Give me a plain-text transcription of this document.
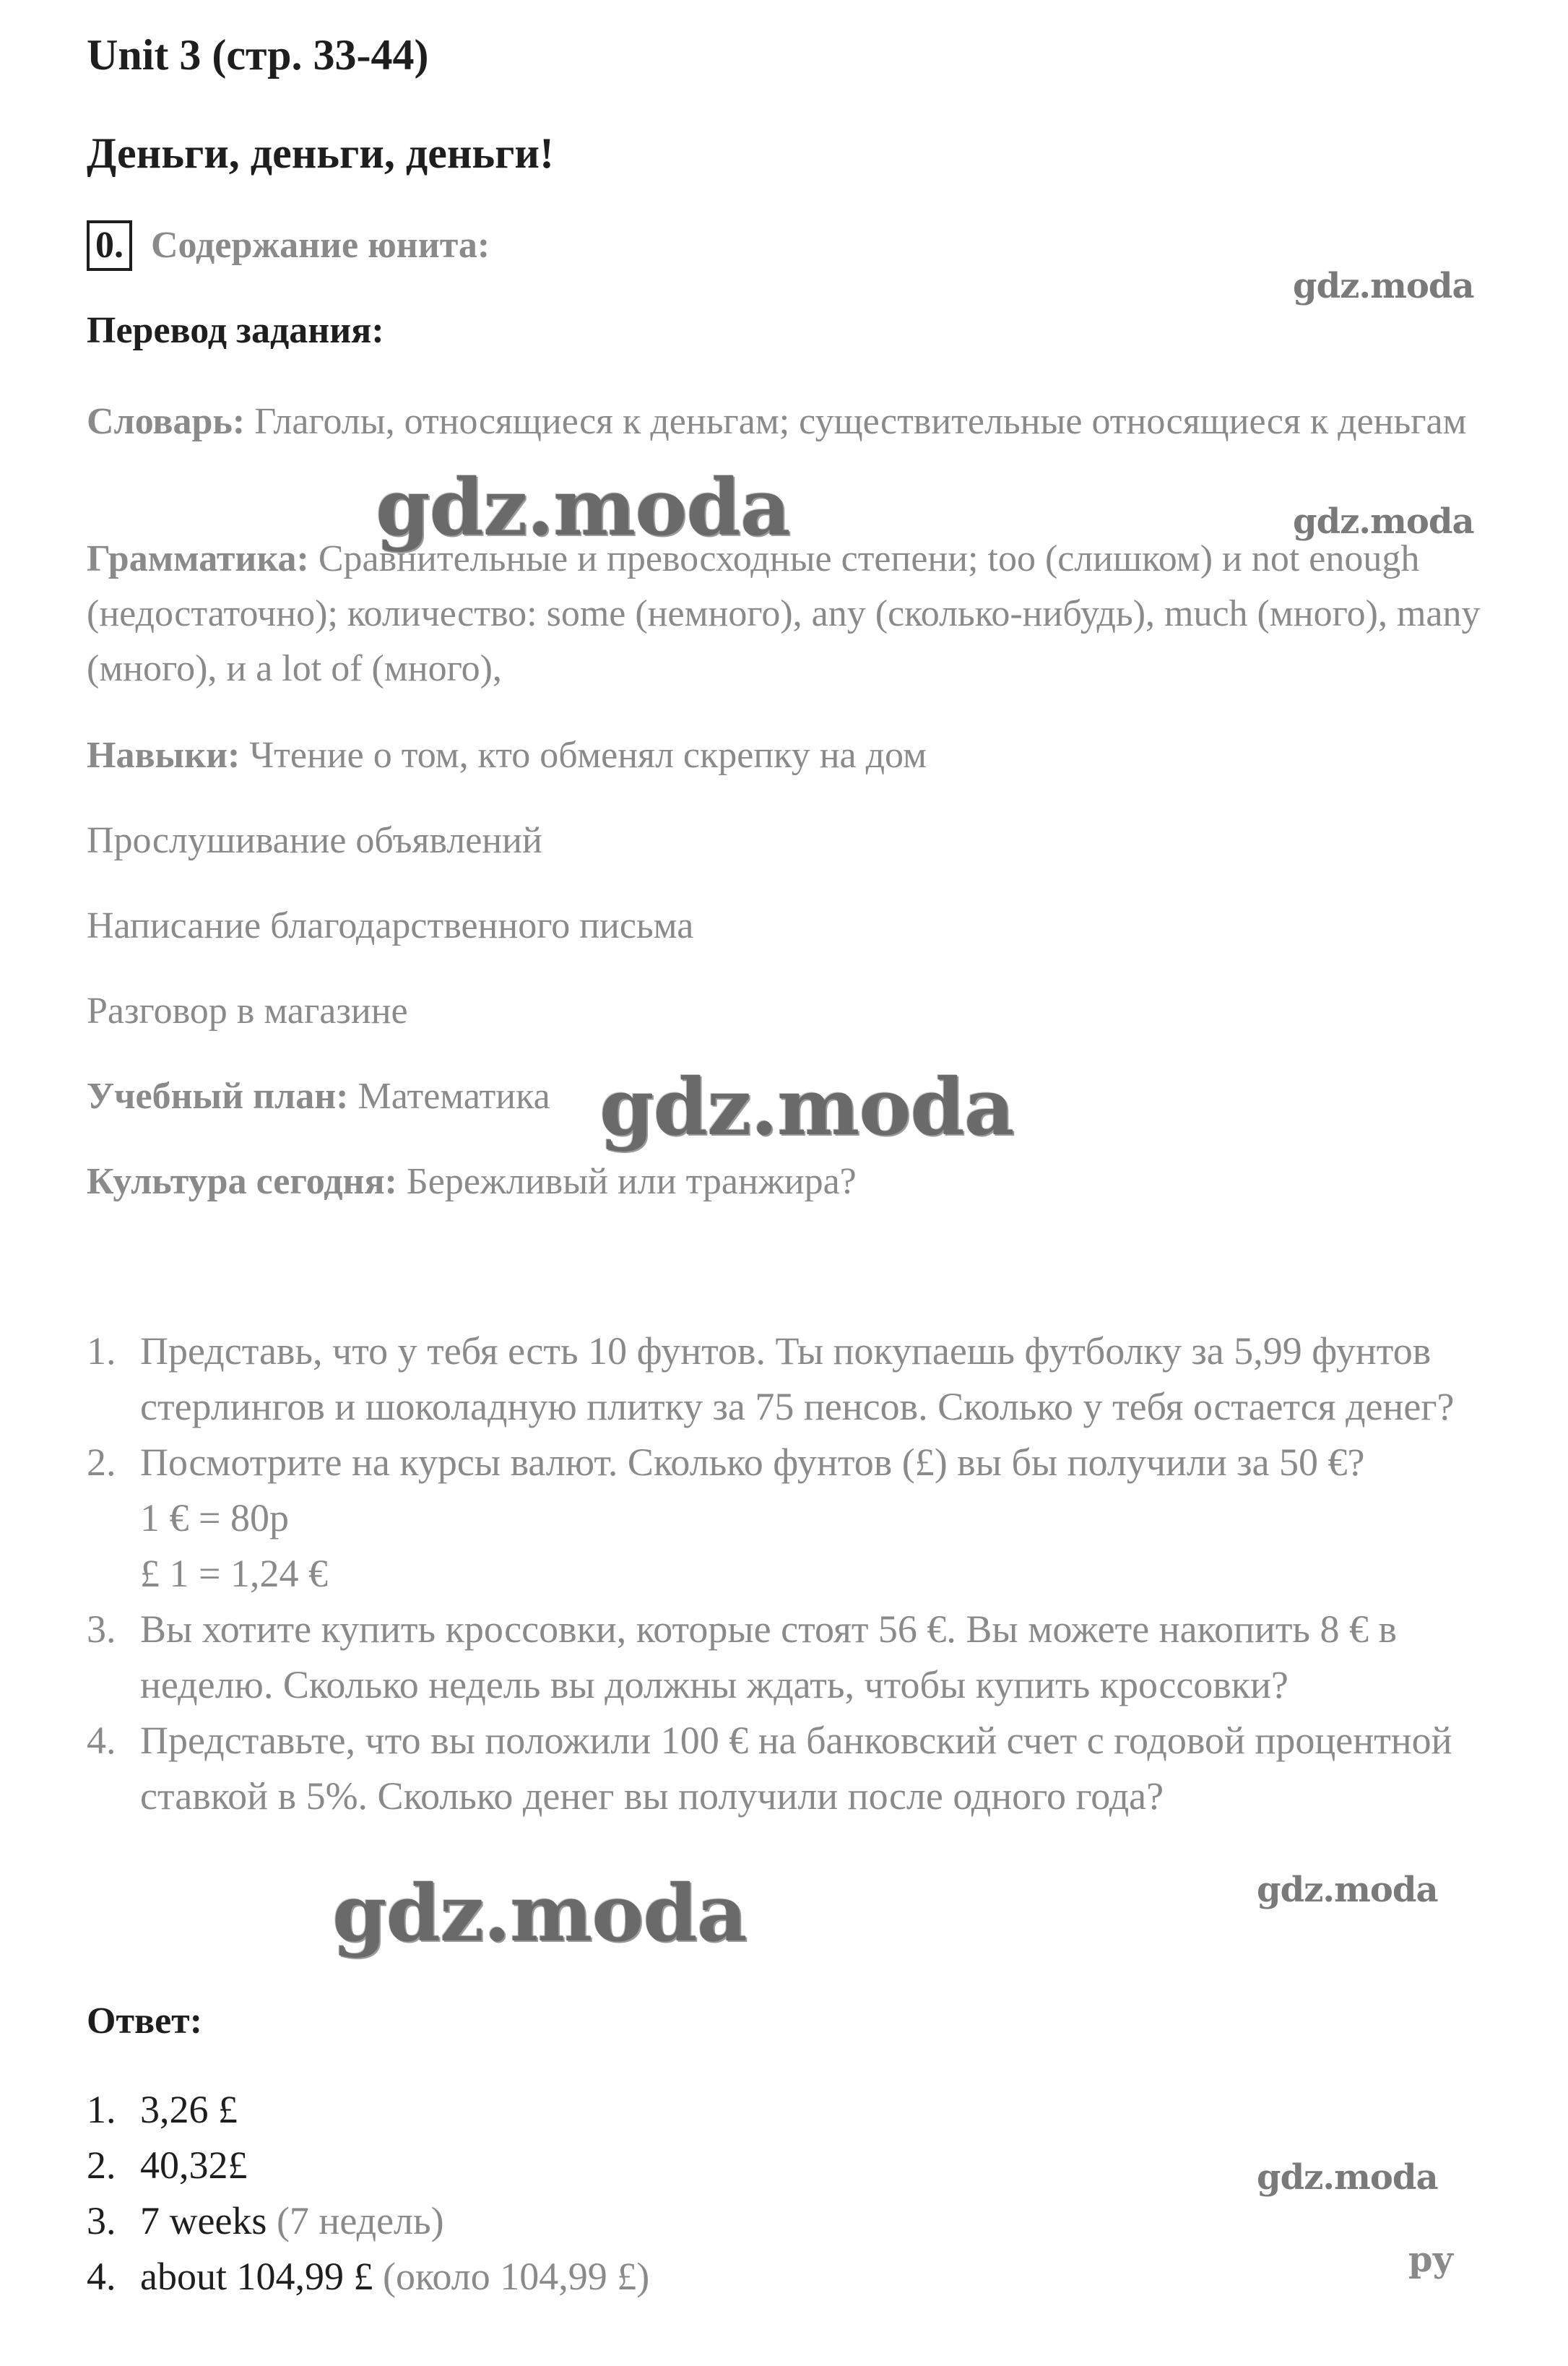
Unit 3 (стр. 33-44)
Деньги, деньги, деньги!

0. Содержание юнита:

Перевод задания:

Словарь: Глаголы, относящиеся к деньгам; существительные относящиеся к деньгам

Грамматика: Сравнительные и превосходные степени; too (слишком) и not enough (недостаточно); количество: some (немного), any (сколько-нибудь), much (много), many (много), и a lot of (много),

Навыки: Чтение о том, кто обменял скрепку на дом

Прослушивание объявлений

Написание благодарственного письма

Разговор в магазине

Учебный план: Математика

Культура сегодня: Бережливый или транжира?

1. Представь, что у тебя есть 10 фунтов. Ты покупаешь футболку за 5,99 фунтов стерлингов и шоколадную плитку за 75 пенсов. Сколько у тебя остается денег?
2. Посмотрите на курсы валют. Сколько фунтов (£) вы бы получили за 50 €?
1 € = 80p
£ 1 = 1,24 €
3. Вы хотите купить кроссовки, которые стоят 56 €. Вы можете накопить 8 € в неделю. Сколько недель вы должны ждать, чтобы купить кроссовки?
4. Представьте, что вы положили 100 € на банковский счет с годовой процентной ставкой в 5%. Сколько денег вы получили после одного года?

Ответ:

1. 3,26 £
2. 40,32£
3. 7 weeks (7 недель)
4. about 104,99 £ (около 104,99 £)
gdz.moda
gdz.moda	gdz.moda
gdz.moda
gdz.moda	gdz.moda
gdz.moda
ру
